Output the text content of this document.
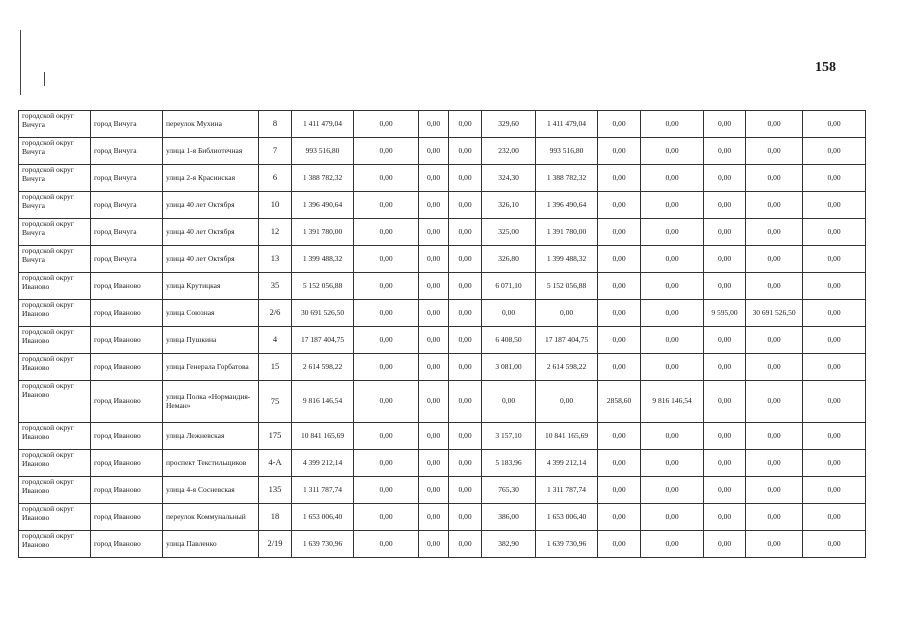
158
городской округ Вичуга	город Вичуга	переулок Мухина	8	1 411 479,04	0,00	0,00	0,00	329,60	1 411 479,04	0,00	0,00	0,00	0,00	0,00
городской округ Вичуга	город Вичуга	улица 1-я Библиотечная	7	993 516,80	0,00	0,00	0,00	232,00	993 516,80	0,00	0,00	0,00	0,00	0,00
городской округ Вичуга	город Вичуга	улица 2-я Красинская	6	1 388 782,32	0,00	0,00	0,00	324,30	1 388 782,32	0,00	0,00	0,00	0,00	0,00
городской округ Вичуга	город Вичуга	улица 40 лет Октября	10	1 396 490,64	0,00	0,00	0,00	326,10	1 396 490,64	0,00	0,00	0,00	0,00	0,00
городской округ Вичуга	город Вичуга	улица 40 лет Октября	12	1 391 780,00	0,00	0,00	0,00	325,00	1 391 780,00	0,00	0,00	0,00	0,00	0,00
городской округ Вичуга	город Вичуга	улица 40 лет Октября	13	1 399 488,32	0,00	0,00	0,00	326,80	1 399 488,32	0,00	0,00	0,00	0,00	0,00
городской округ Иваново	город Иваново	улица Крутицкая	35	5 152 056,88	0,00	0,00	0,00	6 071,10	5 152 056,88	0,00	0,00	0,00	0,00	0,00
городской округ Иваново	город Иваново	улица Союзная	2/6	30 691 526,50	0,00	0,00	0,00	0,00	0,00	0,00	0,00	9 595,00	30 691 526,50	0,00
городской округ Иваново	город Иваново	улица Пушкина	4	17 187 404,75	0,00	0,00	0,00	6 408,50	17 187 404,75	0,00	0,00	0,00	0,00	0,00
городской округ Иваново	город Иваново	улица Генерала Горбатова	15	2 614 598,22	0,00	0,00	0,00	3 081,00	2 614 598,22	0,00	0,00	0,00	0,00	0,00
городской округ Иваново	город Иваново	улица Полка «Нормандия-Неман»	75	9 816 146,54	0,00	0,00	0,00	0,00	0,00	2858,60	9 816 146,54	0,00	0,00	0,00
городской округ Иваново	город Иваново	улица Лежневская	175	10 841 165,69	0,00	0,00	0,00	3 157,10	10 841 165,69	0,00	0,00	0,00	0,00	0,00
городской округ Иваново	город Иваново	проспект Текстильщиков	4-А	4 399 212,14	0,00	0,00	0,00	5 183,96	4 399 212,14	0,00	0,00	0,00	0,00	0,00
городской округ Иваново	город Иваново	улица 4-я Сосневская	135	1 311 787,74	0,00	0,00	0,00	765,30	1 311 787,74	0,00	0,00	0,00	0,00	0,00
городской округ Иваново	город Иваново	переулок Коммунальный	18	1 653 006,40	0,00	0,00	0,00	386,00	1 653 006,40	0,00	0,00	0,00	0,00	0,00
городской округ Иваново	город Иваново	улица Павленко	2/19	1 639 730,96	0,00	0,00	0,00	382,90	1 639 730,96	0,00	0,00	0,00	0,00	0,00
